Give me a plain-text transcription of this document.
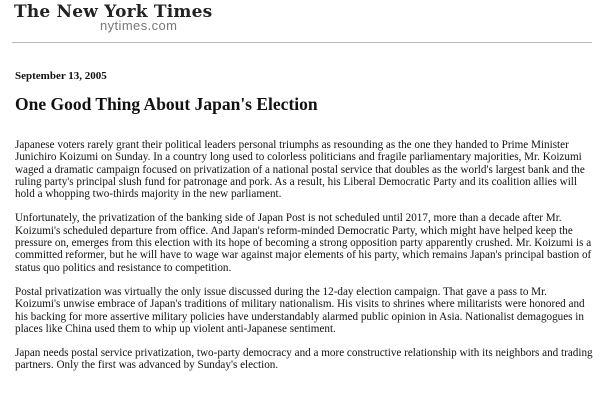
The New York Times
nytimes.com
September 13, 2005
One Good Thing About Japan's Election

Japanese voters rarely grant their political leaders personal triumphs as resounding as the one they handed to Prime Minister Junichiro Koizumi on Sunday. In a country long used to colorless politicians and fragile parliamentary majorities, Mr. Koizumi waged a dramatic campaign focused on privatization of a national postal service that doubles as the world's largest bank and the ruling party's principal slush fund for patronage and pork. As a result, his Liberal Democratic Party and its coalition allies will hold a whopping two-thirds majority in the new parliament.

Unfortunately, the privatization of the banking side of Japan Post is not scheduled until 2017, more than a decade after Mr. Koizumi's scheduled departure from office. And Japan's reform-minded Democratic Party, which might have helped keep the pressure on, emerges from this election with its hope of becoming a strong opposition party apparently crushed. Mr. Koizumi is a committed reformer, but he will have to wage war against major elements of his party, which remains Japan's principal bastion of status quo politics and resistance to competition.

Postal privatization was virtually the only issue discussed during the 12-day election campaign. That gave a pass to Mr. Koizumi's unwise embrace of Japan's traditions of military nationalism. His visits to shrines where militarists were honored and his backing for more assertive military policies have understandably alarmed public opinion in Asia. Nationalist demagogues in places like China used them to whip up violent anti-Japanese sentiment.

Japan needs postal service privatization, two-party democracy and a more constructive relationship with its neighbors and trading partners. Only the first was advanced by Sunday's election.
